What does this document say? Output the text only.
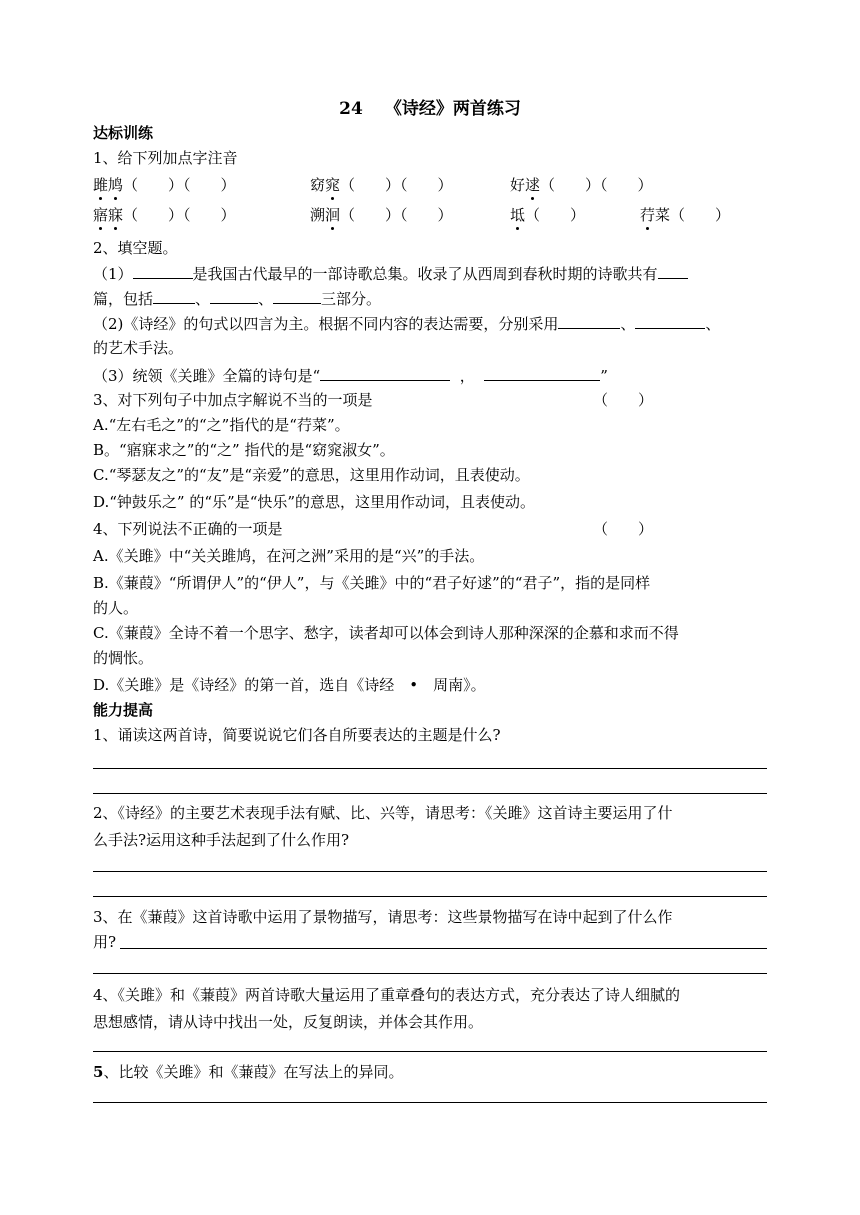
24 《诗经》两首练习
达标训练
1、给下列加点字注音
雎鸠（　　）（　　）	窈窕（　　）（　　）	好逑（　　）（　　）
寤寐（　　）（　　）	溯洄（　　）（　　）	坻（　　）	荇菜（　　）
2、填空题。
（1）	是我国古代最早的一部诗歌总集。收录了从西周到春秋时期的诗歌共有
篇，包括	、	、	三部分。
（2)《诗经》的句式以四言为主。根据不同内容的表达需要，分别采用	、	、
的艺术手法。
（3）统领《关雎》全篇的诗句是“	，	”
3、对下列句子中加点字解说不当的一项是	（　　）
A.“左右毛之”的“之”指代的是“荇菜”。
B。“寤寐求之”的“之” 指代的是“窈窕淑女”。
C.“琴瑟友之”的“友”是“亲爱”的意思，这里用作动词，且表使动。
D.“钟鼓乐之” 的“乐”是“快乐”的意思，这里用作动词，且表使动。
4、下列说法不正确的一项是	（　　）
A.《关雎》中“关关雎鸠，在河之洲”采用的是“兴”的手法。
B.《蒹葭》“所谓伊人”的“伊人”，与《关雎》中的“君子好逑”的“君子”，指的是同样
的人。
C.《蒹葭》全诗不着一个思字、愁字，读者却可以体会到诗人那种深深的企慕和求而不得
的惆怅。
D.《关雎》是《诗经》的第一首，选自《诗经　•　周南》。
能力提高
1、诵读这两首诗，简要说说它们各自所要表达的主题是什么?
2、《诗经》的主要艺术表现手法有赋、比、兴等，请思考：《关雎》这首诗主要运用了什
么手法?运用这种手法起到了什么作用?
3、在《蒹葭》这首诗歌中运用了景物描写，请思考：这些景物描写在诗中起到了什么作
用?
4、《关雎》和《蒹葭》两首诗歌大量运用了重章叠句的表达方式，充分表达了诗人细腻的
思想感情，请从诗中找出一处，反复朗读，并体会其作用。
5、比较《关雎》和《蒹葭》在写法上的异同。
